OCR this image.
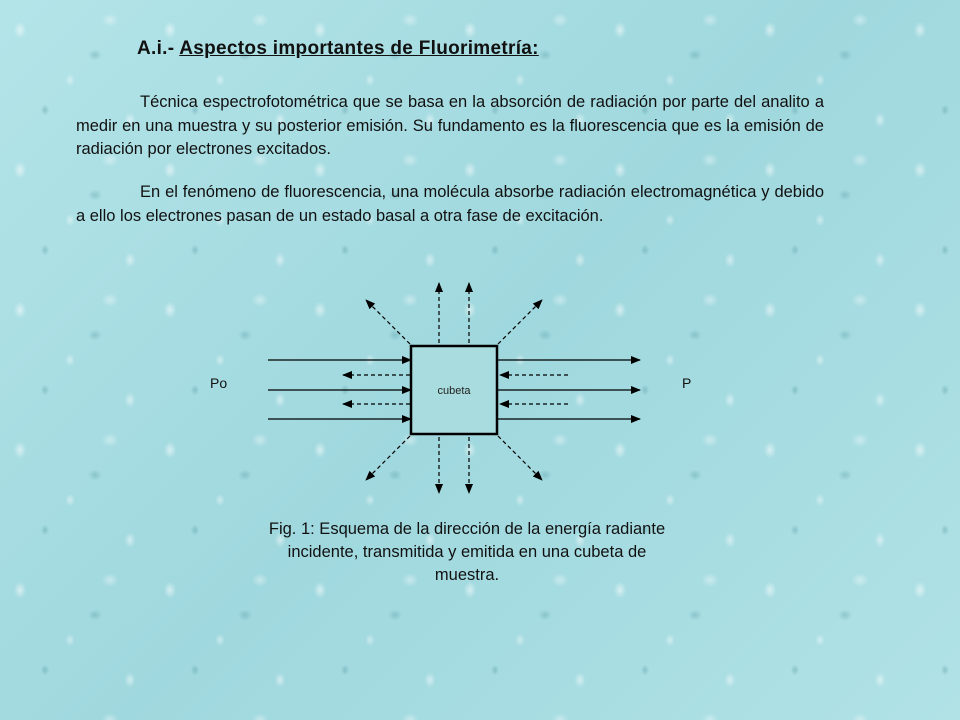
A.i.- Aspectos importantes de Fluorimetría:

Técnica espectrofotométrica que se basa en la absorción de radiación por parte del analito a medir en una muestra y su posterior emisión. Su fundamento es la fluorescencia que es la emisión de radiación por electrones excitados.

En el fenómeno de fluorescencia, una molécula absorbe radiación electromagnética y debido a ello los electrones pasan de un estado basal a otra fase de excitación.

cubeta
Po	P

Fig. 1: Esquema de la dirección de la energía radiante incidente, transmitida y emitida en una cubeta de muestra.
